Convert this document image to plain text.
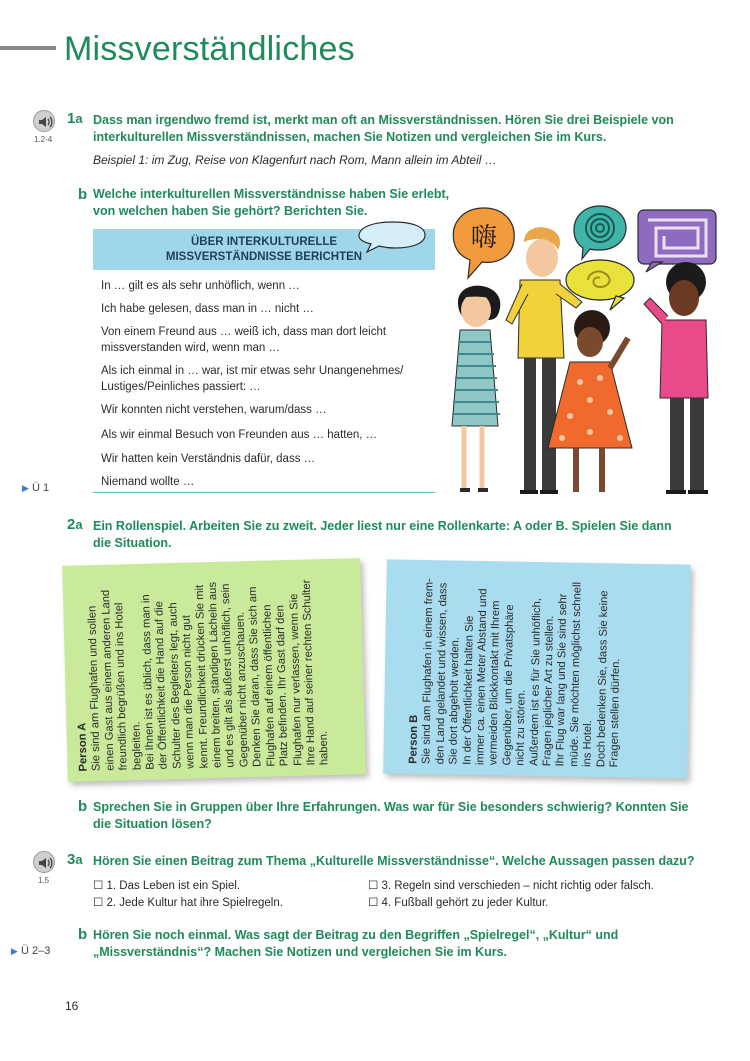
Missverständliches
1.2-4
1a Dass man irgendwo fremd ist, merkt man oft an Missverständnissen. Hören Sie drei Beispiele von
interkulturellen Missverständnissen, machen Sie Notizen und vergleichen Sie im Kurs.
Beispiel 1: im Zug, Reise von Klagenfurt nach Rom, Mann allein im Abteil …
b Welche interkulturellen Missverständnisse haben Sie erlebt,
von welchen haben Sie gehört? Berichten Sie.
ÜBER INTERKULTURELLE
MISSVERSTÄNDNISSE BERICHTEN
In … gilt es als sehr unhöflich, wenn …
Ich habe gelesen, dass man in … nicht …
Von einem Freund aus … weiß ich, dass man dort leicht
missverstanden wird, wenn man …
Als ich einmal in … war, ist mir etwas sehr Unangenehmes/
Lustiges/Peinliches passiert: …
Wir konnten nicht verstehen, warum/dass …
Als wir einmal Besuch von Freunden aus … hatten, …
Wir hatten kein Verständnis dafür, dass …
Niemand wollte …
▶ Ü 1
嗨
2a Ein Rollenspiel. Arbeiten Sie zu zweit. Jeder liest nur eine Rollenkarte: A oder B. Spielen Sie dann
die Situation.
Person A
Sie sind am Flughafen und sollen
einen Gast aus einem anderen Land
freundlich begrüßen und ins Hotel begleiten.
Bei Ihnen ist es üblich, dass man in
der Öffentlichkeit die Hand auf die
Schulter des Begleiters legt, auch
wenn man die Person nicht gut
kennt. Freundlichkeit drücken Sie mit
einem breiten, ständigen Lächeln aus
und es gilt als äußerst unhöflich, sein
Gegenüber nicht anzuschauen.
Denken Sie daran, dass Sie sich am
Flughafen auf einem öffentlichen
Platz befinden. Ihr Gast darf den
Flughafen nur verlassen, wenn Sie
Ihre Hand auf seiner rechten Schulter haben.	Person B Sie sind am Flughafen in einem frem-
den Land gelandet und wissen, dass
Sie dort abgeholt werden. In der Öffentlichkeit halten Sie
immer ca. einen Meter Abstand und
vermeiden Blickkontakt mit Ihrem
Gegenüber, um die Privatsphäre
nicht zu stören. Außerdem ist es für Sie unhöflich,
Fragen jeglicher Art zu stellen.
Ihr Flug war lang und Sie sind sehr
müde. Sie möchten möglichst schnell
ins Hotel. Doch bedenken Sie, dass Sie keine
Fragen stellen dürfen.
b Sprechen Sie in Gruppen über Ihre Erfahrungen. Was war für Sie besonders schwierig? Konnten Sie
die Situation lösen?
1.5
3a Hören Sie einen Beitrag zum Thema „Kulturelle Missverständnisse“. Welche Aussagen passen dazu?
☐ 1. Das Leben ist ein Spiel.
☐ 2. Jede Kultur hat ihre Spielregeln.
☐ 3. Regeln sind verschieden – nicht richtig oder falsch.
☐ 4. Fußball gehört zu jeder Kultur.
b Hören Sie noch einmal. Was sagt der Beitrag zu den Begriffen „Spielregel“, „Kultur“ und
„Missverständnis“? Machen Sie Notizen und vergleichen Sie im Kurs.
▶ Ü 2–3
16
